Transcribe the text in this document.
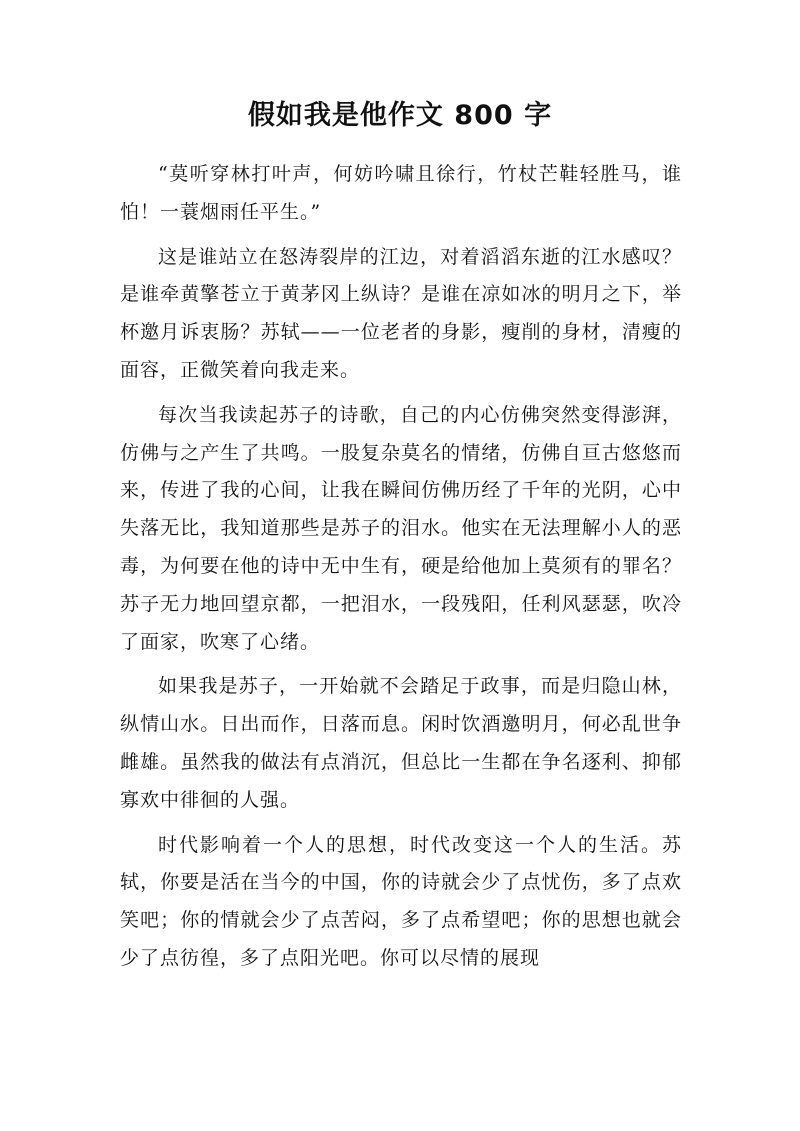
假如我是他作文 800 字

“莫听穿林打叶声，何妨吟啸且徐行，竹杖芒鞋轻胜马，谁怕！一蓑烟雨任平生。”

这是谁站立在怒涛裂岸的江边，对着滔滔东逝的江水感叹？是谁牵黄擎苍立于黄茅冈上纵诗？是谁在凉如冰的明月之下，举杯邀月诉衷肠？苏轼——一位老者的身影，瘦削的身材，清瘦的面容，正微笑着向我走来。

每次当我读起苏子的诗歌，自己的内心仿佛突然变得澎湃，仿佛与之产生了共鸣。一股复杂莫名的情绪，仿佛自亘古悠悠而来，传进了我的心间，让我在瞬间仿佛历经了千年的光阴，心中失落无比，我知道那些是苏子的泪水。他实在无法理解小人的恶毒，为何要在他的诗中无中生有，硬是给他加上莫须有的罪名？苏子无力地回望京都，一把泪水，一段残阳，任利风瑟瑟，吹冷了面家，吹寒了心绪。

如果我是苏子，一开始就不会踏足于政事，而是归隐山林，纵情山水。日出而作，日落而息。闲时饮酒邀明月，何必乱世争雌雄。虽然我的做法有点消沉，但总比一生都在争名逐利、抑郁寡欢中徘徊的人强。

时代影响着一个人的思想，时代改变这一个人的生活。苏轼，你要是活在当今的中国，你的诗就会少了点忧伤，多了点欢笑吧；你的情就会少了点苦闷，多了点希望吧；你的思想也就会少了点彷徨，多了点阳光吧。你可以尽情的展现
